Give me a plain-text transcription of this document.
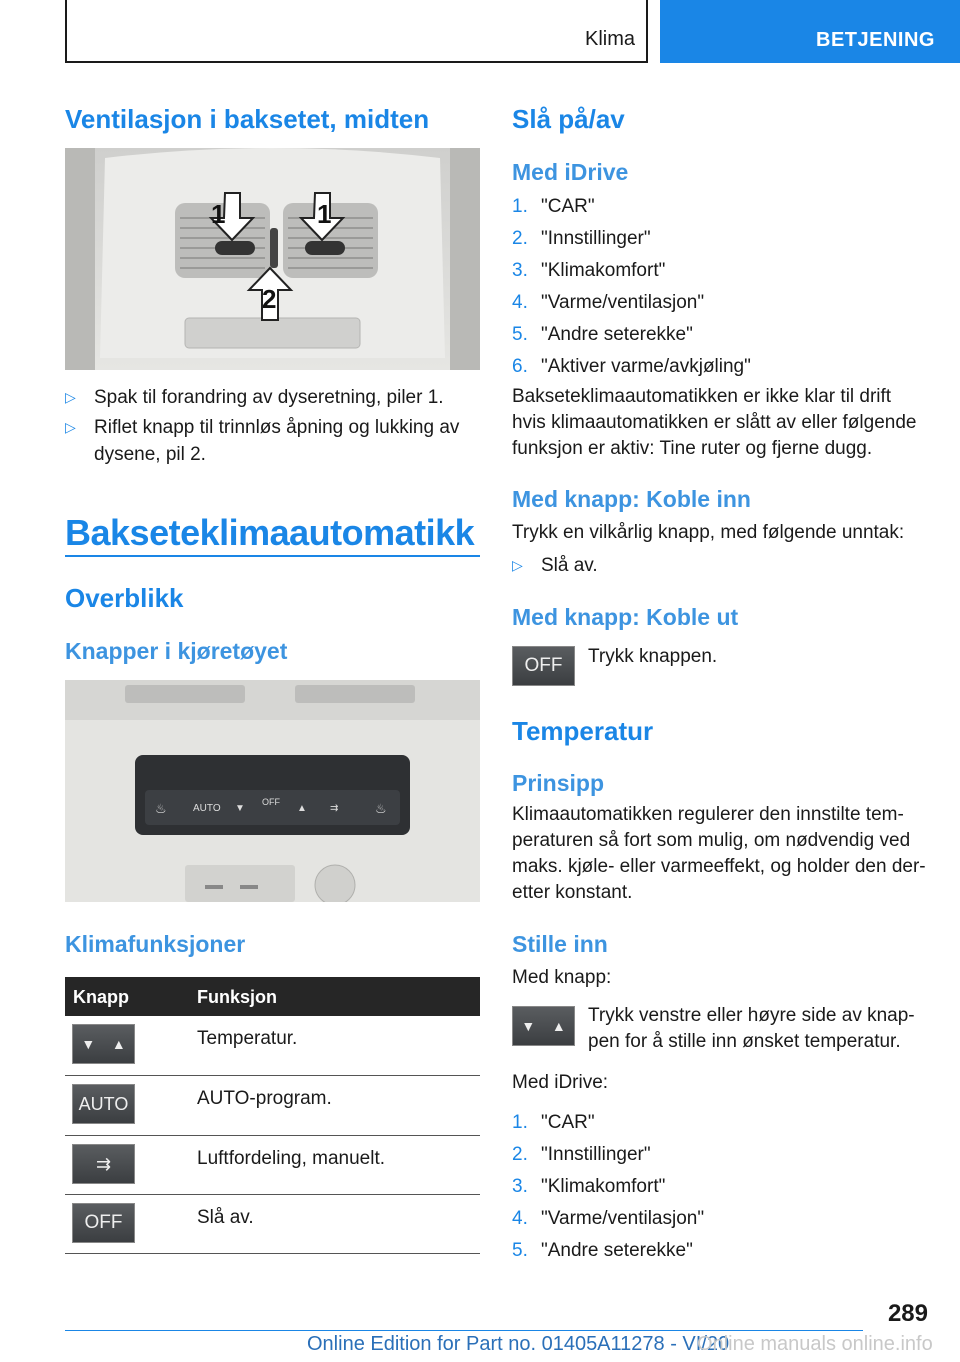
Klima	BETJENING
Ventilasjon i baksetet, midten
1	1
2
▷ Spak til forandring av dyseretning, piler 1.
▷ Riflet knapp til trinnløs åpning og lukking av dysene, pil 2.
Bakseteklimaautomatikk
Overblikk
Knapper i kjøretøyet
AUTO
OFF
▼	▲
♨	♨
⇉
Klimafunksjoner
Knapp	Funksjon
▼ ▲	Temperatur.
AUTO	AUTO-program.
⇉	Luftfordeling, manuelt.
OFF	Slå av.
Slå på/av
Med iDrive
1. "CAR"
2. "Innstillinger"
3. "Klimakomfort"
4. "Varme/ventilasjon"
5. "Andre seterekke"
6. "Aktiver varme/avkjøling"
Bakseteklimaautomatikken er ikke klar til drift hvis klimaautomatikken er slått av eller følgende funksjon er aktiv: Tine ruter og fjerne dugg.
Med knapp: Koble inn
Trykk en vilkårlig knapp, med følgende unntak:
▷ Slå av.
Med knapp: Koble ut
OFF	Trykk knappen.
Temperatur
Prinsipp
Klimaautomatikken regulerer den innstilte tem-peraturen så fort som mulig, om nødvendig ved maks. kjøle- eller varmeeffekt, og holder den der-etter konstant.
Stille inn
Med knapp:
▼ ▲ Trykk venstre eller høyre side av knap-pen for å stille inn ønsket temperatur.
Med iDrive:
1. "CAR"
2. "Innstillinger"
3. "Klimakomfort"
4. "Varme/ventilasjon"
5. "Andre seterekke"
289
Online Edition for Part no. 01405A11278 - VI/20
Online manuals online.info
